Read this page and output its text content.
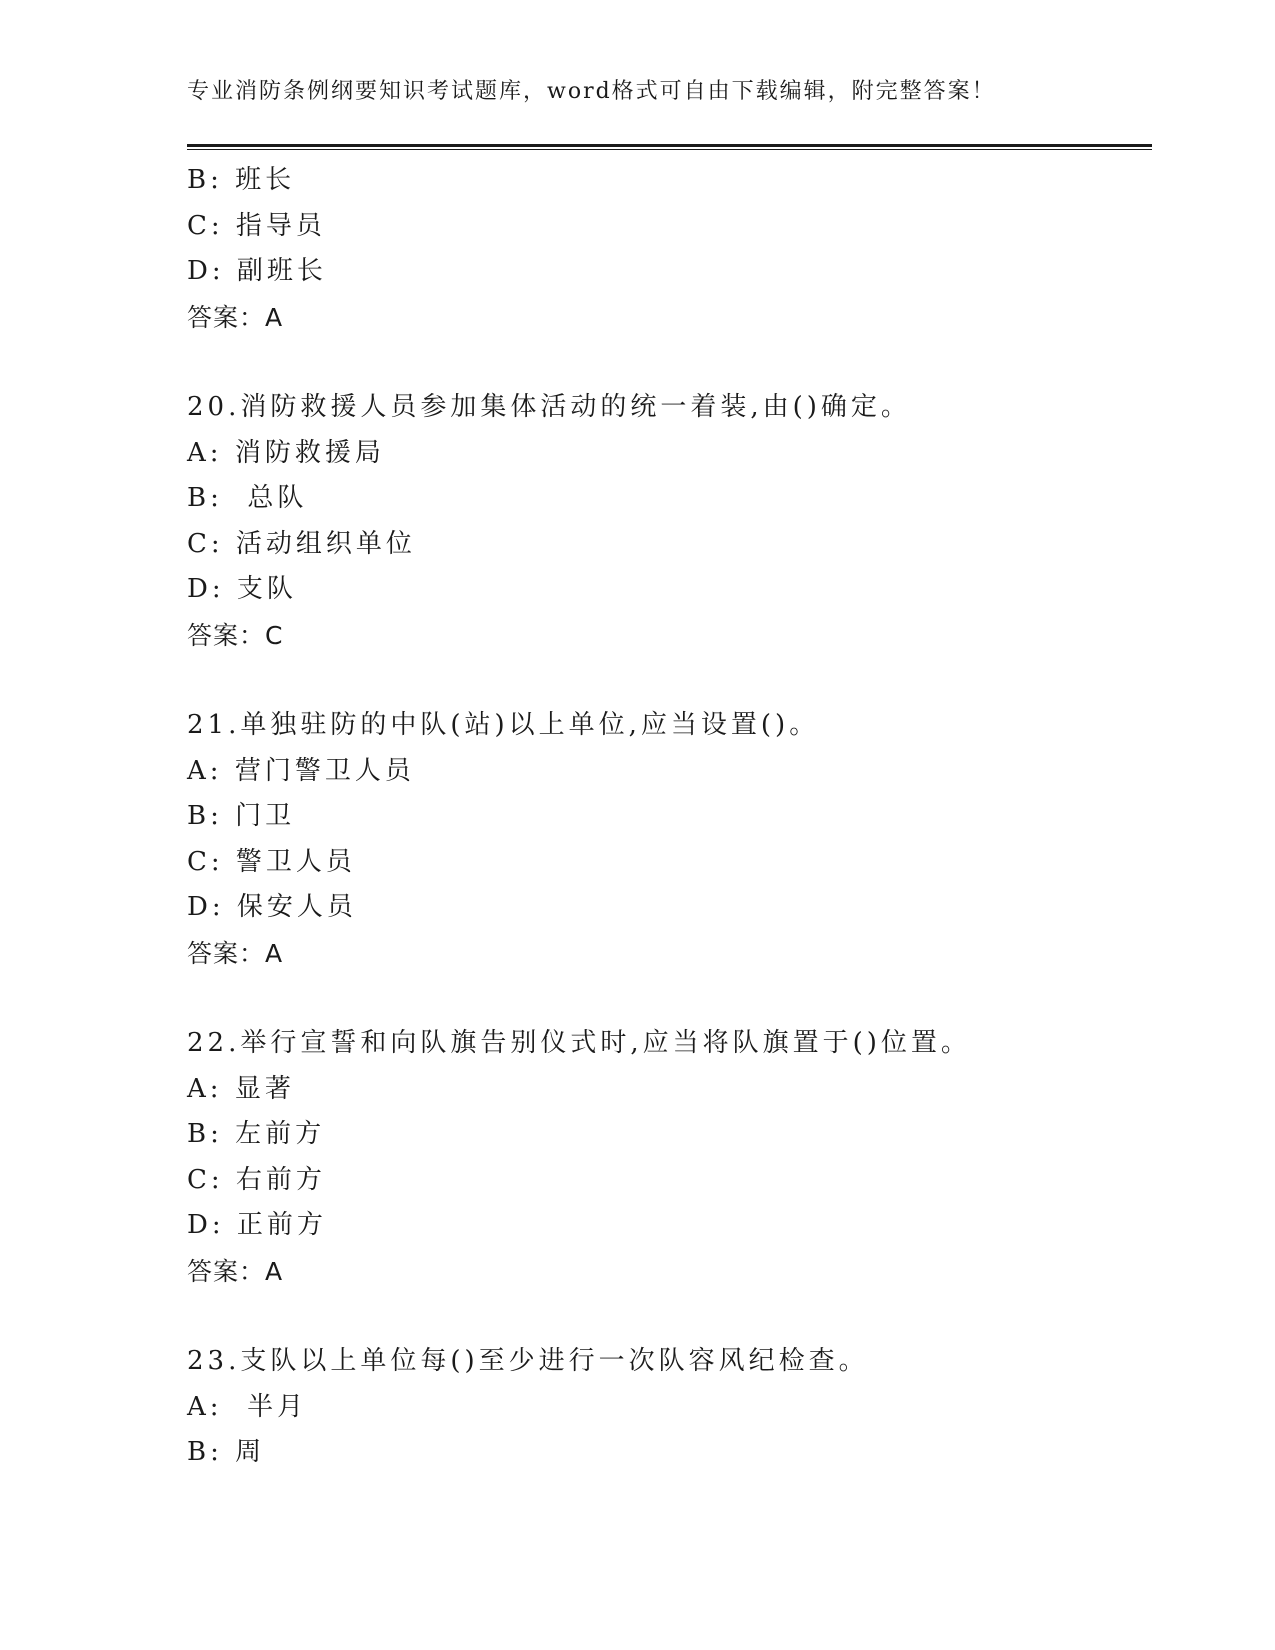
专业消防条例纲要知识考试题库，word格式可自由下载编辑，附完整答案！
B: 班长
C: 指导员
D: 副班长
答案：A
20.消防救援人员参加集体活动的统一着装,由()确定。
A: 消防救援局
B:  总队
C: 活动组织单位
D: 支队
答案：C
21.单独驻防的中队(站)以上单位,应当设置()。
A: 营门警卫人员
B: 门卫
C: 警卫人员
D: 保安人员
答案：A
22.举行宣誓和向队旗告别仪式时,应当将队旗置于()位置。
A: 显著
B: 左前方
C: 右前方
D: 正前方
答案：A
23.支队以上单位每()至少进行一次队容风纪检查。
A:  半月
B: 周
